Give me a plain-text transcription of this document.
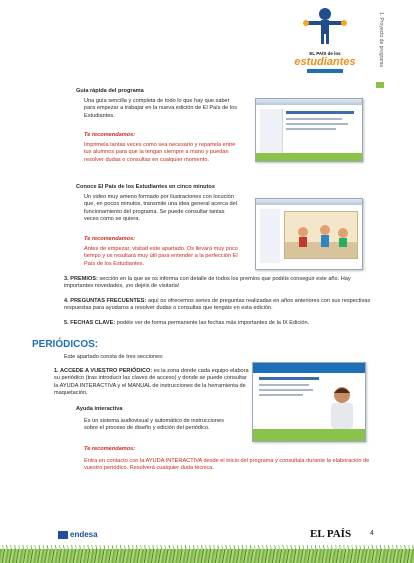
EL PAÍS de los
estudiantes	1. Proyecto de programa
Guía rápida del programa
Una guía sencilla y completa de todo lo que hay que saber para empezar a trabajar en la nueva edición de El País de los Estudiantes.
Te recomendamos:
Imprimela tantas veces como sea necesario y repartela entre tus alumnos para que la tengan siempre a mano y puedan resolver dudas o consultas en cualquier momento.
Conoce El País de los Estudiantes en cinco minutos
Un video muy ameno formado por ilustraciones con locución que, en pocos minutos, transmite una idea general acerca del funcionamiento del programa. Se puede consultar tantas veces como se quiera.
Te recomendamos:
Antes de empezar, visitad este apartado. Os llevará muy poco tiempo y os resultará muy útil para entender a la perfección El País de los Estudiantes.
3. PREMIOS: sección en la que se os informa con detalle de todos los premios que podéis conseguir este año. Hay importantes novedades, ¡no dejéis de visitarla!
4. PREGUNTAS FRECUENTES: aquí os ofrecemos series de preguntas realizadas en años anteriores con sus respectivas respuestas para ayudaros a resolver dudas o consultas que tengáis en esta edición.
5. FECHAS CLAVE: podéis ver de forma permanente las fechas más importantes de la IX Edición.
PERIÓDICOS:
Este apartado consta de tres secciones:
1. ACCEDE A VUESTRO PERIÓDICO: es la zona donde cada equipo elabora su periódico (tras introducir las claves de acceso) y donde se puede consultar la AYUDA INTERACTIVA y el MANUAL de instrucciones de la herramienta de maquetación.
Ayuda interactiva
Es un sistema audiovisual y automático de instrucciones sobre el proceso de diseño y edición del periódico.
Te recomendamos:
Entra en contacto con la AYUDA INTERACTIVA desde el inicio del programa y consultala durante la elaboración de vuestro periódico. Resolverá cualquier duda técnica.
endesa	EL PAÍS	4
